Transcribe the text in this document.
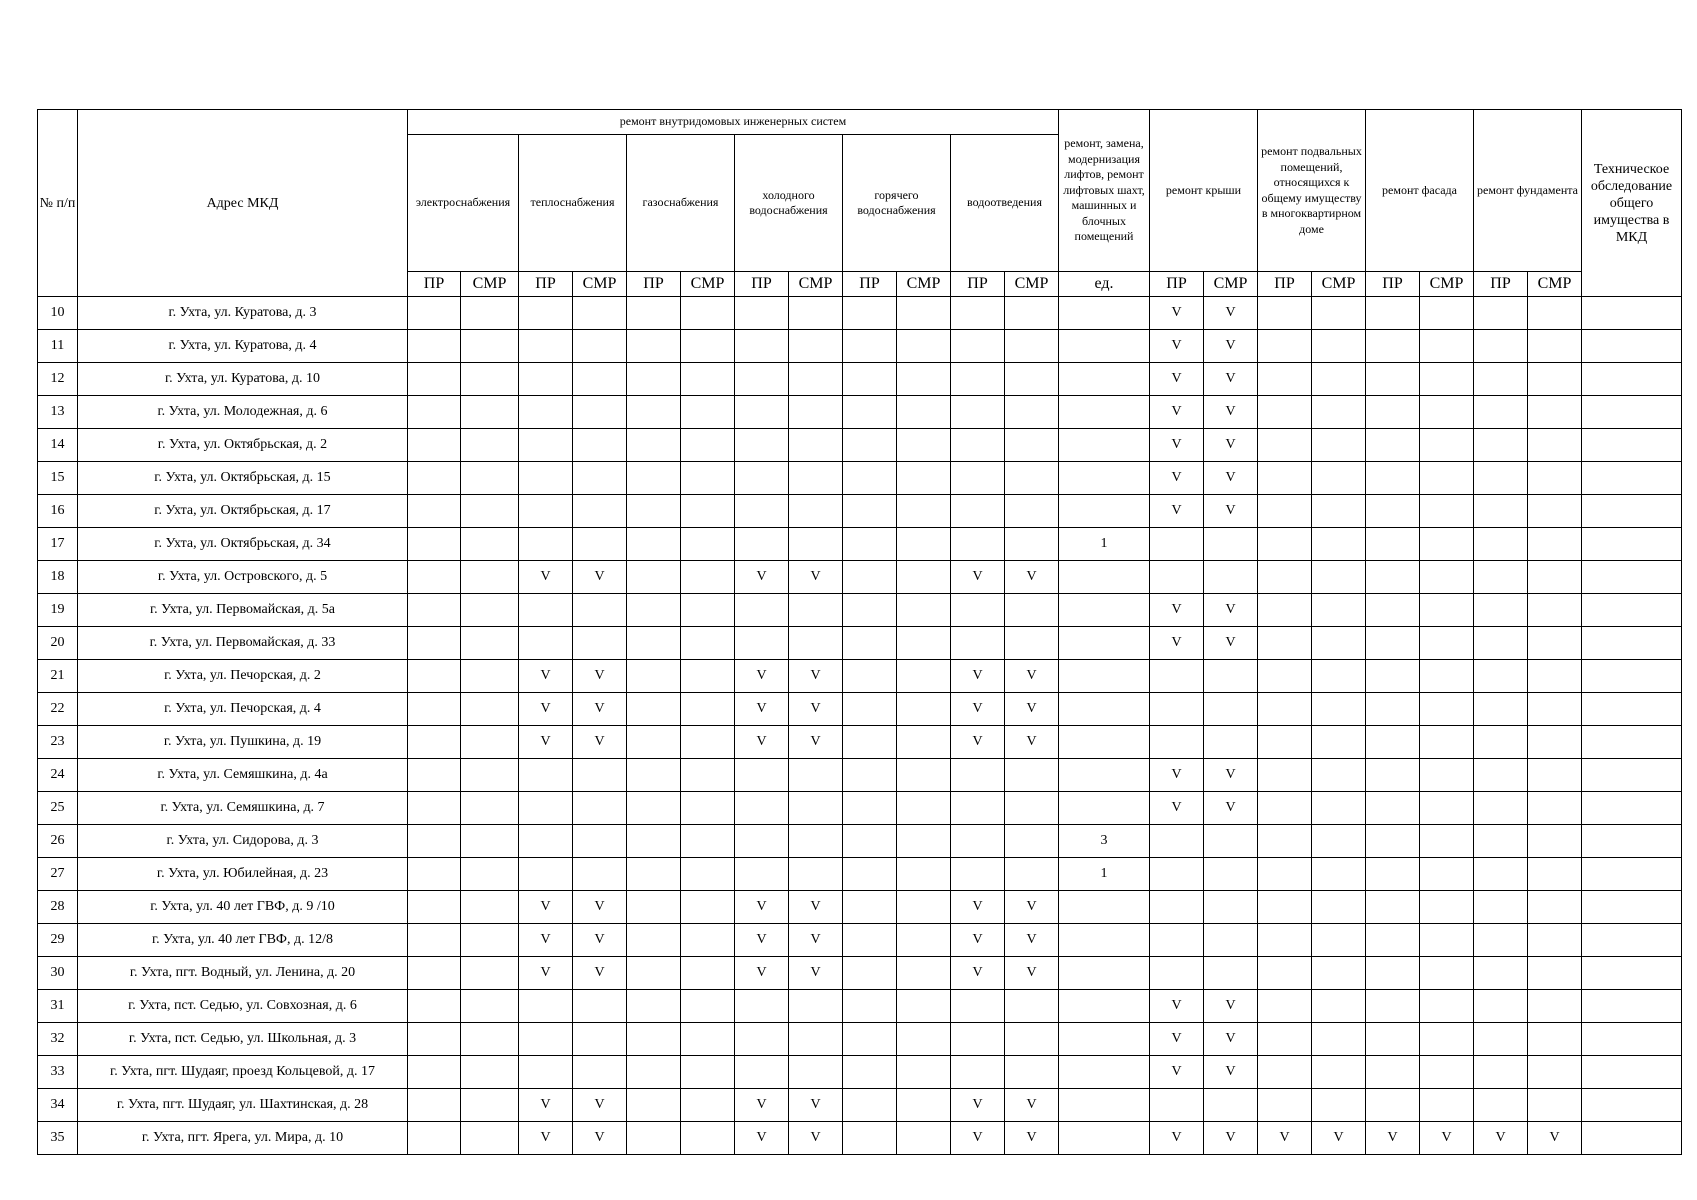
№ п/п	Адрес МКД	ремонт внутридомовых инженерных систем												ремонт, замена, модернизация лифтов, ремонт лифтовых шахт, машинных и блочных помещений	ремонт крыши		ремонт подвальных помещений, относящихся к общему имуществу в многоквартирном доме		ремонт фасада		ремонт фундамента		Техническое обследование общего имущества в МКД
		электроснабжения		теплоснабжения		газоснабжения		холодного водоснабжения		горячего водоснабжения		водоотведения											
		ПР	СМР	ПР	СМР	ПР	СМР	ПР	СМР	ПР	СМР	ПР	СМР	ед.	ПР	СМР	ПР	СМР	ПР	СМР	ПР	СМР	
10	г. Ухта, ул. Куратова, д. 3														V	V							
11	г. Ухта, ул. Куратова, д. 4														V	V							
12	г. Ухта, ул. Куратова, д. 10														V	V							
13	г. Ухта, ул. Молодежная, д. 6														V	V							
14	г. Ухта, ул. Октябрьская, д. 2														V	V							
15	г. Ухта, ул. Октябрьская, д. 15														V	V							
16	г. Ухта, ул. Октябрьская, д. 17														V	V							
17	г. Ухта, ул. Октябрьская, д. 34													1									
18	г. Ухта, ул. Островского, д. 5			V	V			V	V			V	V										
19	г. Ухта, ул. Первомайская, д. 5а														V	V							
20	г. Ухта, ул. Первомайская, д. 33														V	V							
21	г. Ухта, ул. Печорская, д. 2			V	V			V	V			V	V										
22	г. Ухта, ул. Печорская, д. 4			V	V			V	V			V	V										
23	г. Ухта, ул. Пушкина, д. 19			V	V			V	V			V	V										
24	г. Ухта, ул. Семяшкина, д. 4а														V	V							
25	г. Ухта, ул. Семяшкина, д. 7														V	V							
26	г. Ухта, ул. Сидорова, д. 3													3									
27	г. Ухта, ул. Юбилейная, д. 23													1									
28	г. Ухта, ул. 40 лет ГВФ, д. 9 /10			V	V			V	V			V	V										
29	г. Ухта, ул. 40 лет ГВФ, д. 12/8			V	V			V	V			V	V										
30	г. Ухта, пгт. Водный, ул. Ленина, д. 20			V	V			V	V			V	V										
31	г. Ухта, пст. Седью, ул. Совхозная, д. 6														V	V							
32	г. Ухта, пст. Седью, ул. Школьная, д. 3														V	V							
33	г. Ухта, пгт. Шудаяг, проезд Кольцевой, д. 17														V	V							
34	г. Ухта, пгт. Шудаяг, ул. Шахтинская, д. 28			V	V			V	V			V	V										
35	г. Ухта, пгт. Ярега, ул. Мира, д. 10			V	V			V	V			V	V		V	V	V	V	V	V	V	V	
